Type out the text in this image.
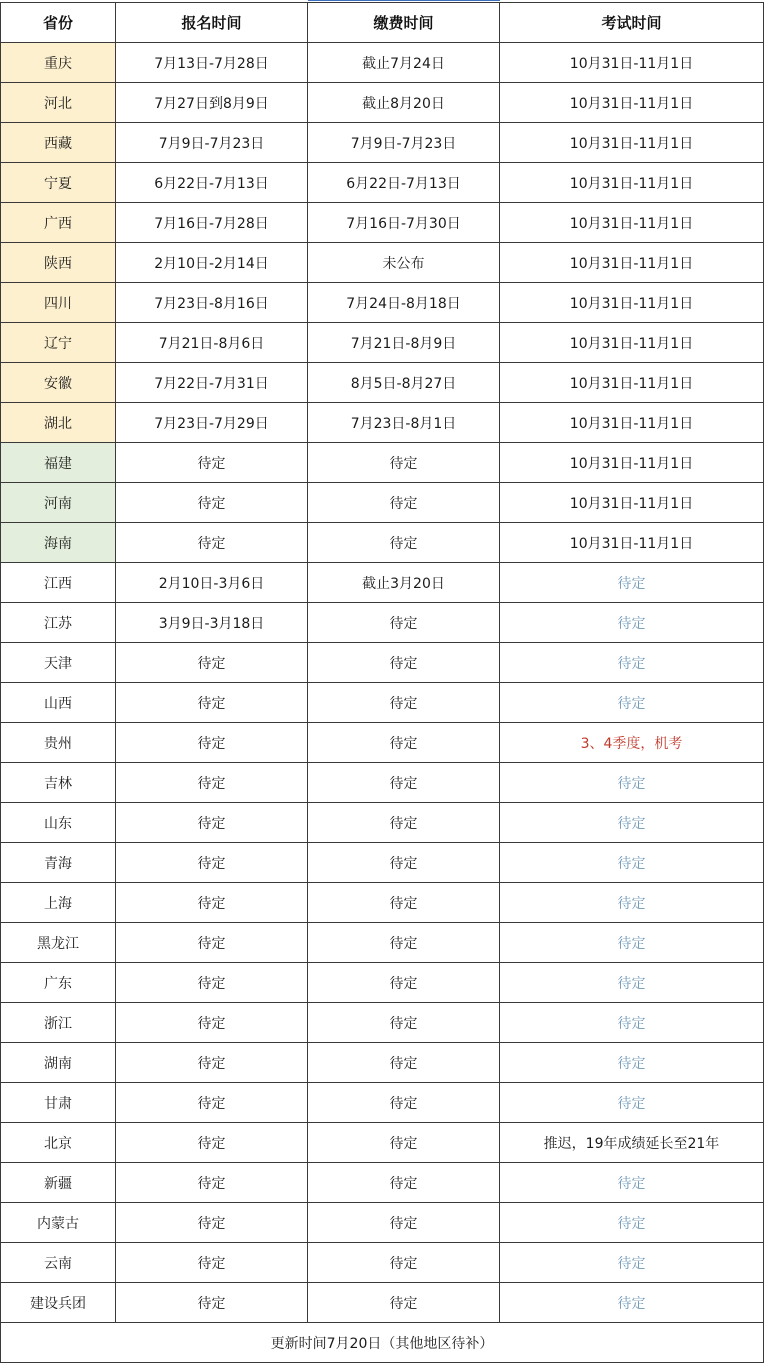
省份	报名时间	缴费时间	考试时间
重庆	7月13日-7月28日	截止7月24日	10月31日-11月1日
河北	7月27日到8月9日	截止8月20日	10月31日-11月1日
西藏	7月9日-7月23日	7月9日-7月23日	10月31日-11月1日
宁夏	6月22日-7月13日	6月22日-7月13日	10月31日-11月1日
广西	7月16日-7月28日	7月16日-7月30日	10月31日-11月1日
陕西	2月10日-2月14日	未公布	10月31日-11月1日
四川	7月23日-8月16日	7月24日-8月18日	10月31日-11月1日
辽宁	7月21日-8月6日	7月21日-8月9日	10月31日-11月1日
安徽	7月22日-7月31日	8月5日-8月27日	10月31日-11月1日
湖北	7月23日-7月29日	7月23日-8月1日	10月31日-11月1日
福建	待定	待定	10月31日-11月1日
河南	待定	待定	10月31日-11月1日
海南	待定	待定	10月31日-11月1日
江西	2月10日-3月6日	截止3月20日	待定
江苏	3月9日-3月18日	待定	待定
天津	待定	待定	待定
山西	待定	待定	待定
贵州	待定	待定	3、4季度，机考
吉林	待定	待定	待定
山东	待定	待定	待定
青海	待定	待定	待定
上海	待定	待定	待定
黑龙江	待定	待定	待定
广东	待定	待定	待定
浙江	待定	待定	待定
湖南	待定	待定	待定
甘肃	待定	待定	待定
北京	待定	待定	推迟，19年成绩延长至21年
新疆	待定	待定	待定
内蒙古	待定	待定	待定
云南	待定	待定	待定
建设兵团	待定	待定	待定
更新时间7月20日（其他地区待补）			
